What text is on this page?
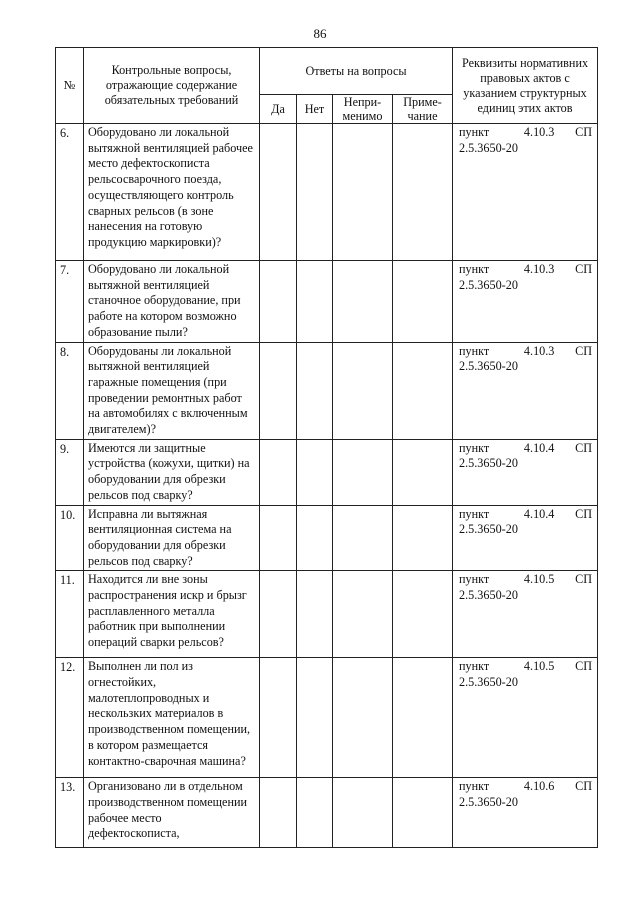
86
№	Контрольные вопросы, отражающие содержание обязательных требований	Ответы на вопросы				Реквизиты нормативних правовых актов с указанием структурных единиц этих актов
		Да	Нет	Непри-менимо	Приме-чание	
6.	Оборудовано ли локальной вытяжной вентиляцией рабочее место дефектоскописта рельсосварочного поезда, осуществляющего контроль сварных рельсов (в зоне нанесения на готовую продукцию маркировки)?					пункт 4.10.3 СП
2.5.3650-20

7.	Оборудовано ли локальной вытяжной вентиляцией станочное оборудование, при работе на котором возможно образование пыли?					пункт 4.10.3 СП
2.5.3650-20

8.	Оборудованы ли локальной вытяжной вентиляцией гаражные помещения (при проведении ремонтных работ на автомобилях с включенным двигателем)?					пункт 4.10.3 СП
2.5.3650-20

9.	Имеются ли защитные устройства (кожухи, щитки) на оборудовании для обрезки рельсов под сварку?					пункт 4.10.4 СП
2.5.3650-20

10.	Исправна ли вытяжная вентиляционная система на оборудовании для обрезки рельсов под сварку?					пункт 4.10.4 СП
2.5.3650-20

11.	Находится ли вне зоны распространения искр и брызг расплавленного металла работник при выполнении операций сварки рельсов?					пункт 4.10.5 СП
2.5.3650-20

12.	Выполнен ли пол из огнестойких, малотеплопроводных и нескользких материалов в производственном помещении, в котором размещается контактно-сварочная машина?					пункт 4.10.5 СП
2.5.3650-20

13.	Организовано ли в отдельном производственном помещении рабочее место дефектоскописта,					пункт 4.10.6 СП
2.5.3650-20
